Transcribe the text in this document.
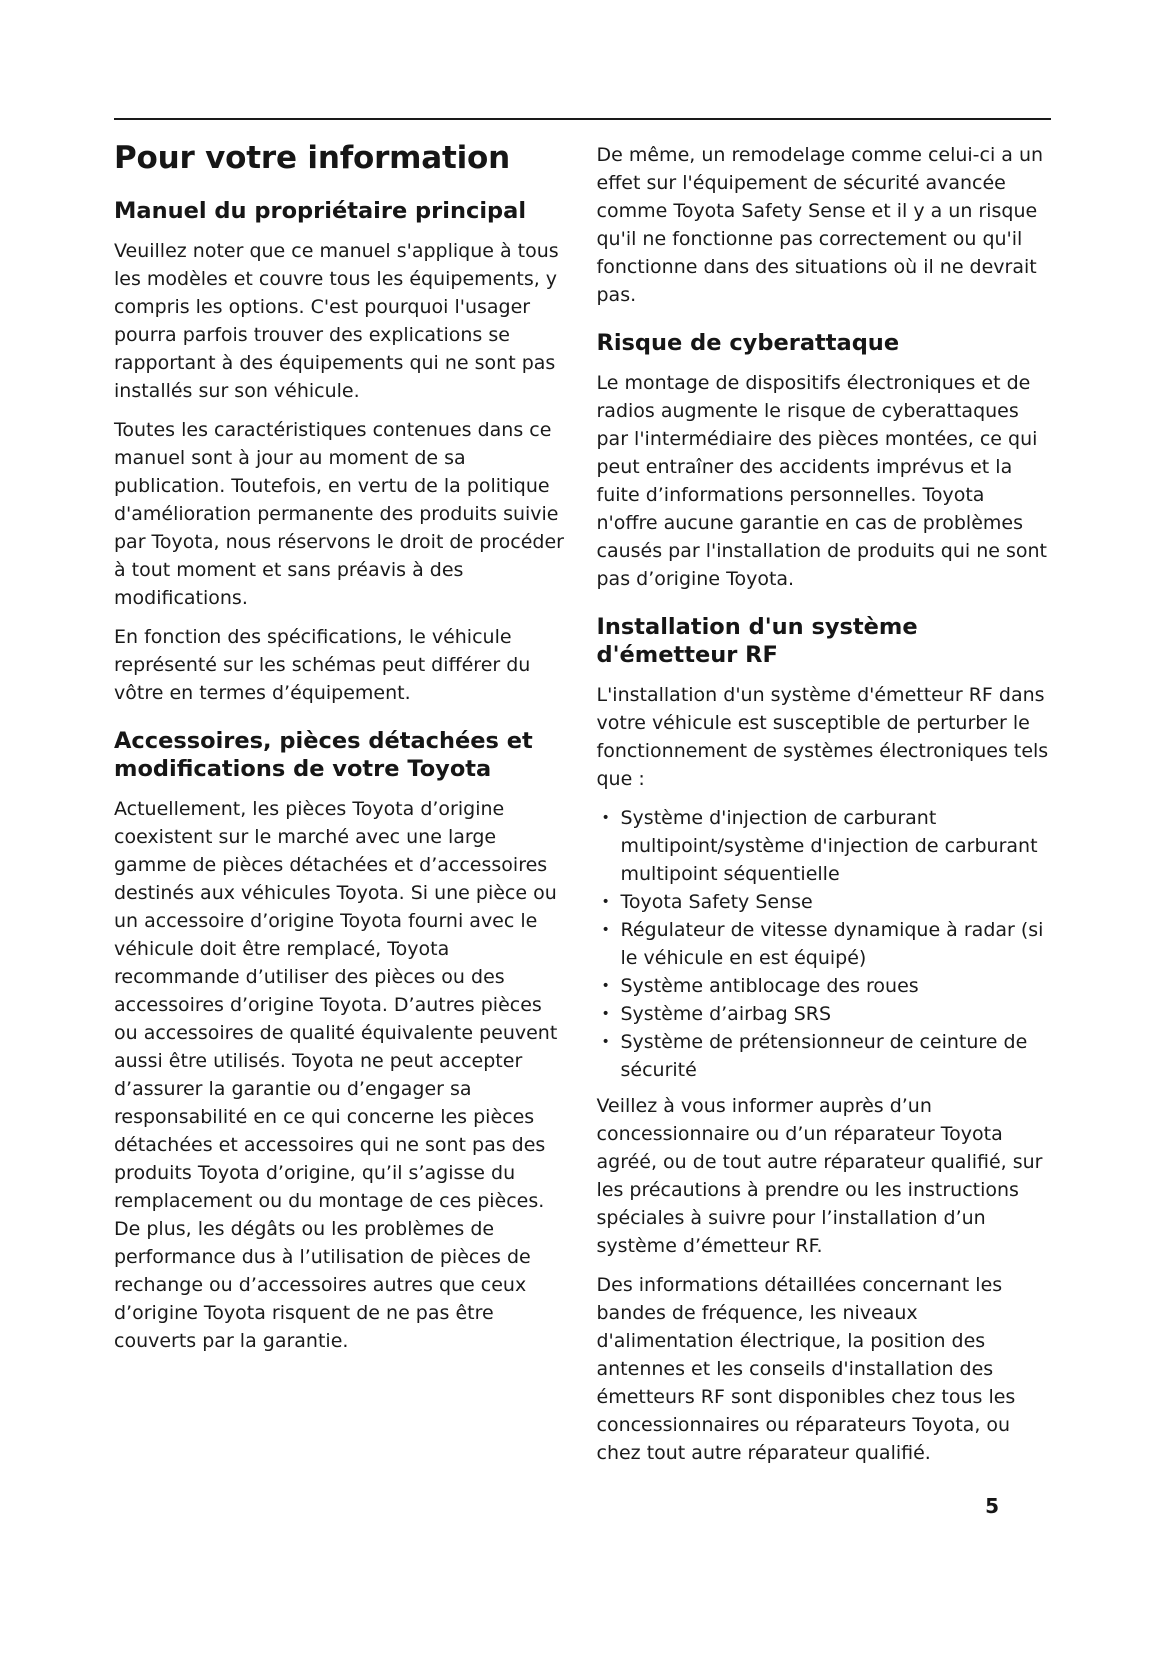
Pour votre information
Manuel du propriétaire principal

Veuillez noter que ce manuel s'applique à tous les modèles et couvre tous les équipements, y compris les options. C'est pourquoi l'usager pourra parfois trouver des explications se rapportant à des équipements qui ne sont pas installés sur son véhicule.

Toutes les caractéristiques contenues dans ce manuel sont à jour au moment de sa publication. Toutefois, en vertu de la politique d'amélioration permanente des produits suivie par Toyota, nous réservons le droit de procéder à tout moment et sans préavis à des modifications.

En fonction des spécifications, le véhicule représenté sur les schémas peut différer du vôtre en termes d’équipement.

Accessoires, pièces détachées et modifications de votre Toyota

Actuellement, les pièces Toyota d’origine coexistent sur le marché avec une large gamme de pièces détachées et d’accessoires destinés aux véhicules Toyota. Si une pièce ou un accessoire d’origine Toyota fourni avec le véhicule doit être remplacé, Toyota recommande d’utiliser des pièces ou des accessoires d’origine Toyota. D’autres pièces ou accessoires de qualité équivalente peuvent aussi être utilisés. Toyota ne peut accepter d’assurer la garantie ou d’engager sa responsabilité en ce qui concerne les pièces détachées et accessoires qui ne sont pas des produits Toyota d’origine, qu’il s’agisse du remplacement ou du montage de ces pièces. De plus, les dégâts ou les problèmes de performance dus à l’utilisation de pièces de rechange ou d’accessoires autres que ceux d’origine Toyota risquent de ne pas être couverts par la garantie.

De même, un remodelage comme celui-ci a un effet sur l'équipement de sécurité avancée comme Toyota Safety Sense et il y a un risque qu'il ne fonctionne pas correctement ou qu'il fonctionne dans des situations où il ne devrait pas.

Risque de cyberattaque

Le montage de dispositifs électroniques et de radios augmente le risque de cyberattaques par l'intermédiaire des pièces montées, ce qui peut entraîner des accidents imprévus et la fuite d’informations personnelles. Toyota n'offre aucune garantie en cas de problèmes causés par l'installation de produits qui ne sont pas d’origine Toyota.

Installation d'un système d'émetteur RF

L'installation d'un système d'émetteur RF dans votre véhicule est susceptible de perturber le fonctionnement de systèmes électroniques tels que :

• Système d'injection de carburant multipoint/système d'injection de carburant multipoint séquentielle
• Toyota Safety Sense
• Régulateur de vitesse dynamique à radar (si le véhicule en est équipé)
• Système antiblocage des roues
• Système d’airbag SRS
• Système de prétensionneur de ceinture de sécurité

Veillez à vous informer auprès d’un concessionnaire ou d’un réparateur Toyota agréé, ou de tout autre réparateur qualifié, sur les précautions à prendre ou les instructions spéciales à suivre pour l’installation d’un système d’émetteur RF.

Des informations détaillées concernant les bandes de fréquence, les niveaux d'alimentation électrique, la position des antennes et les conseils d'installation des émetteurs RF sont disponibles chez tous les concessionnaires ou réparateurs Toyota, ou chez tout autre réparateur qualifié.

5
